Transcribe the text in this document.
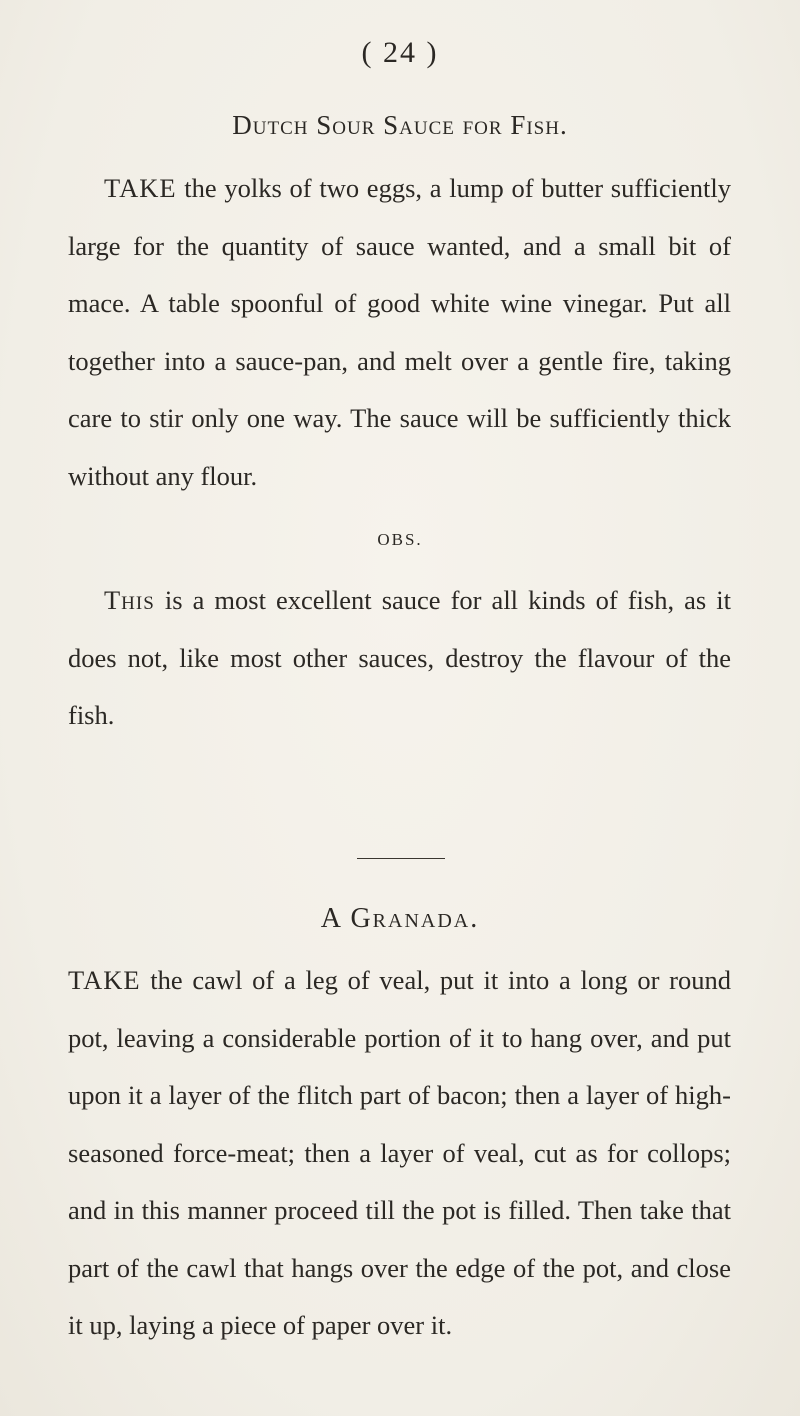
( 24 )
Dutch Sour Sauce for Fish.

TAKE the yolks of two eggs, a lump of butter sufficiently large for the quantity of sauce wanted, and a small bit of mace. A table spoonful of good white wine vinegar. Put all together into a sauce-pan, and melt over a gentle fire, taking care to stir only one way. The sauce will be sufficiently thick without any flour.

OBS.

This is a most excellent sauce for all kinds of fish, as it does not, like most other sauces, destroy the flavour of the fish.

A Granada.

TAKE the cawl of a leg of veal, put it into a long or round pot, leaving a considerable portion of it to hang over, and put upon it a layer of the flitch part of bacon; then a layer of high-seasoned force-meat; then a layer of veal, cut as for collops; and in this manner proceed till the pot is filled. Then take that part of the cawl that hangs over the edge of the pot, and close it up, laying a piece of paper over it.
